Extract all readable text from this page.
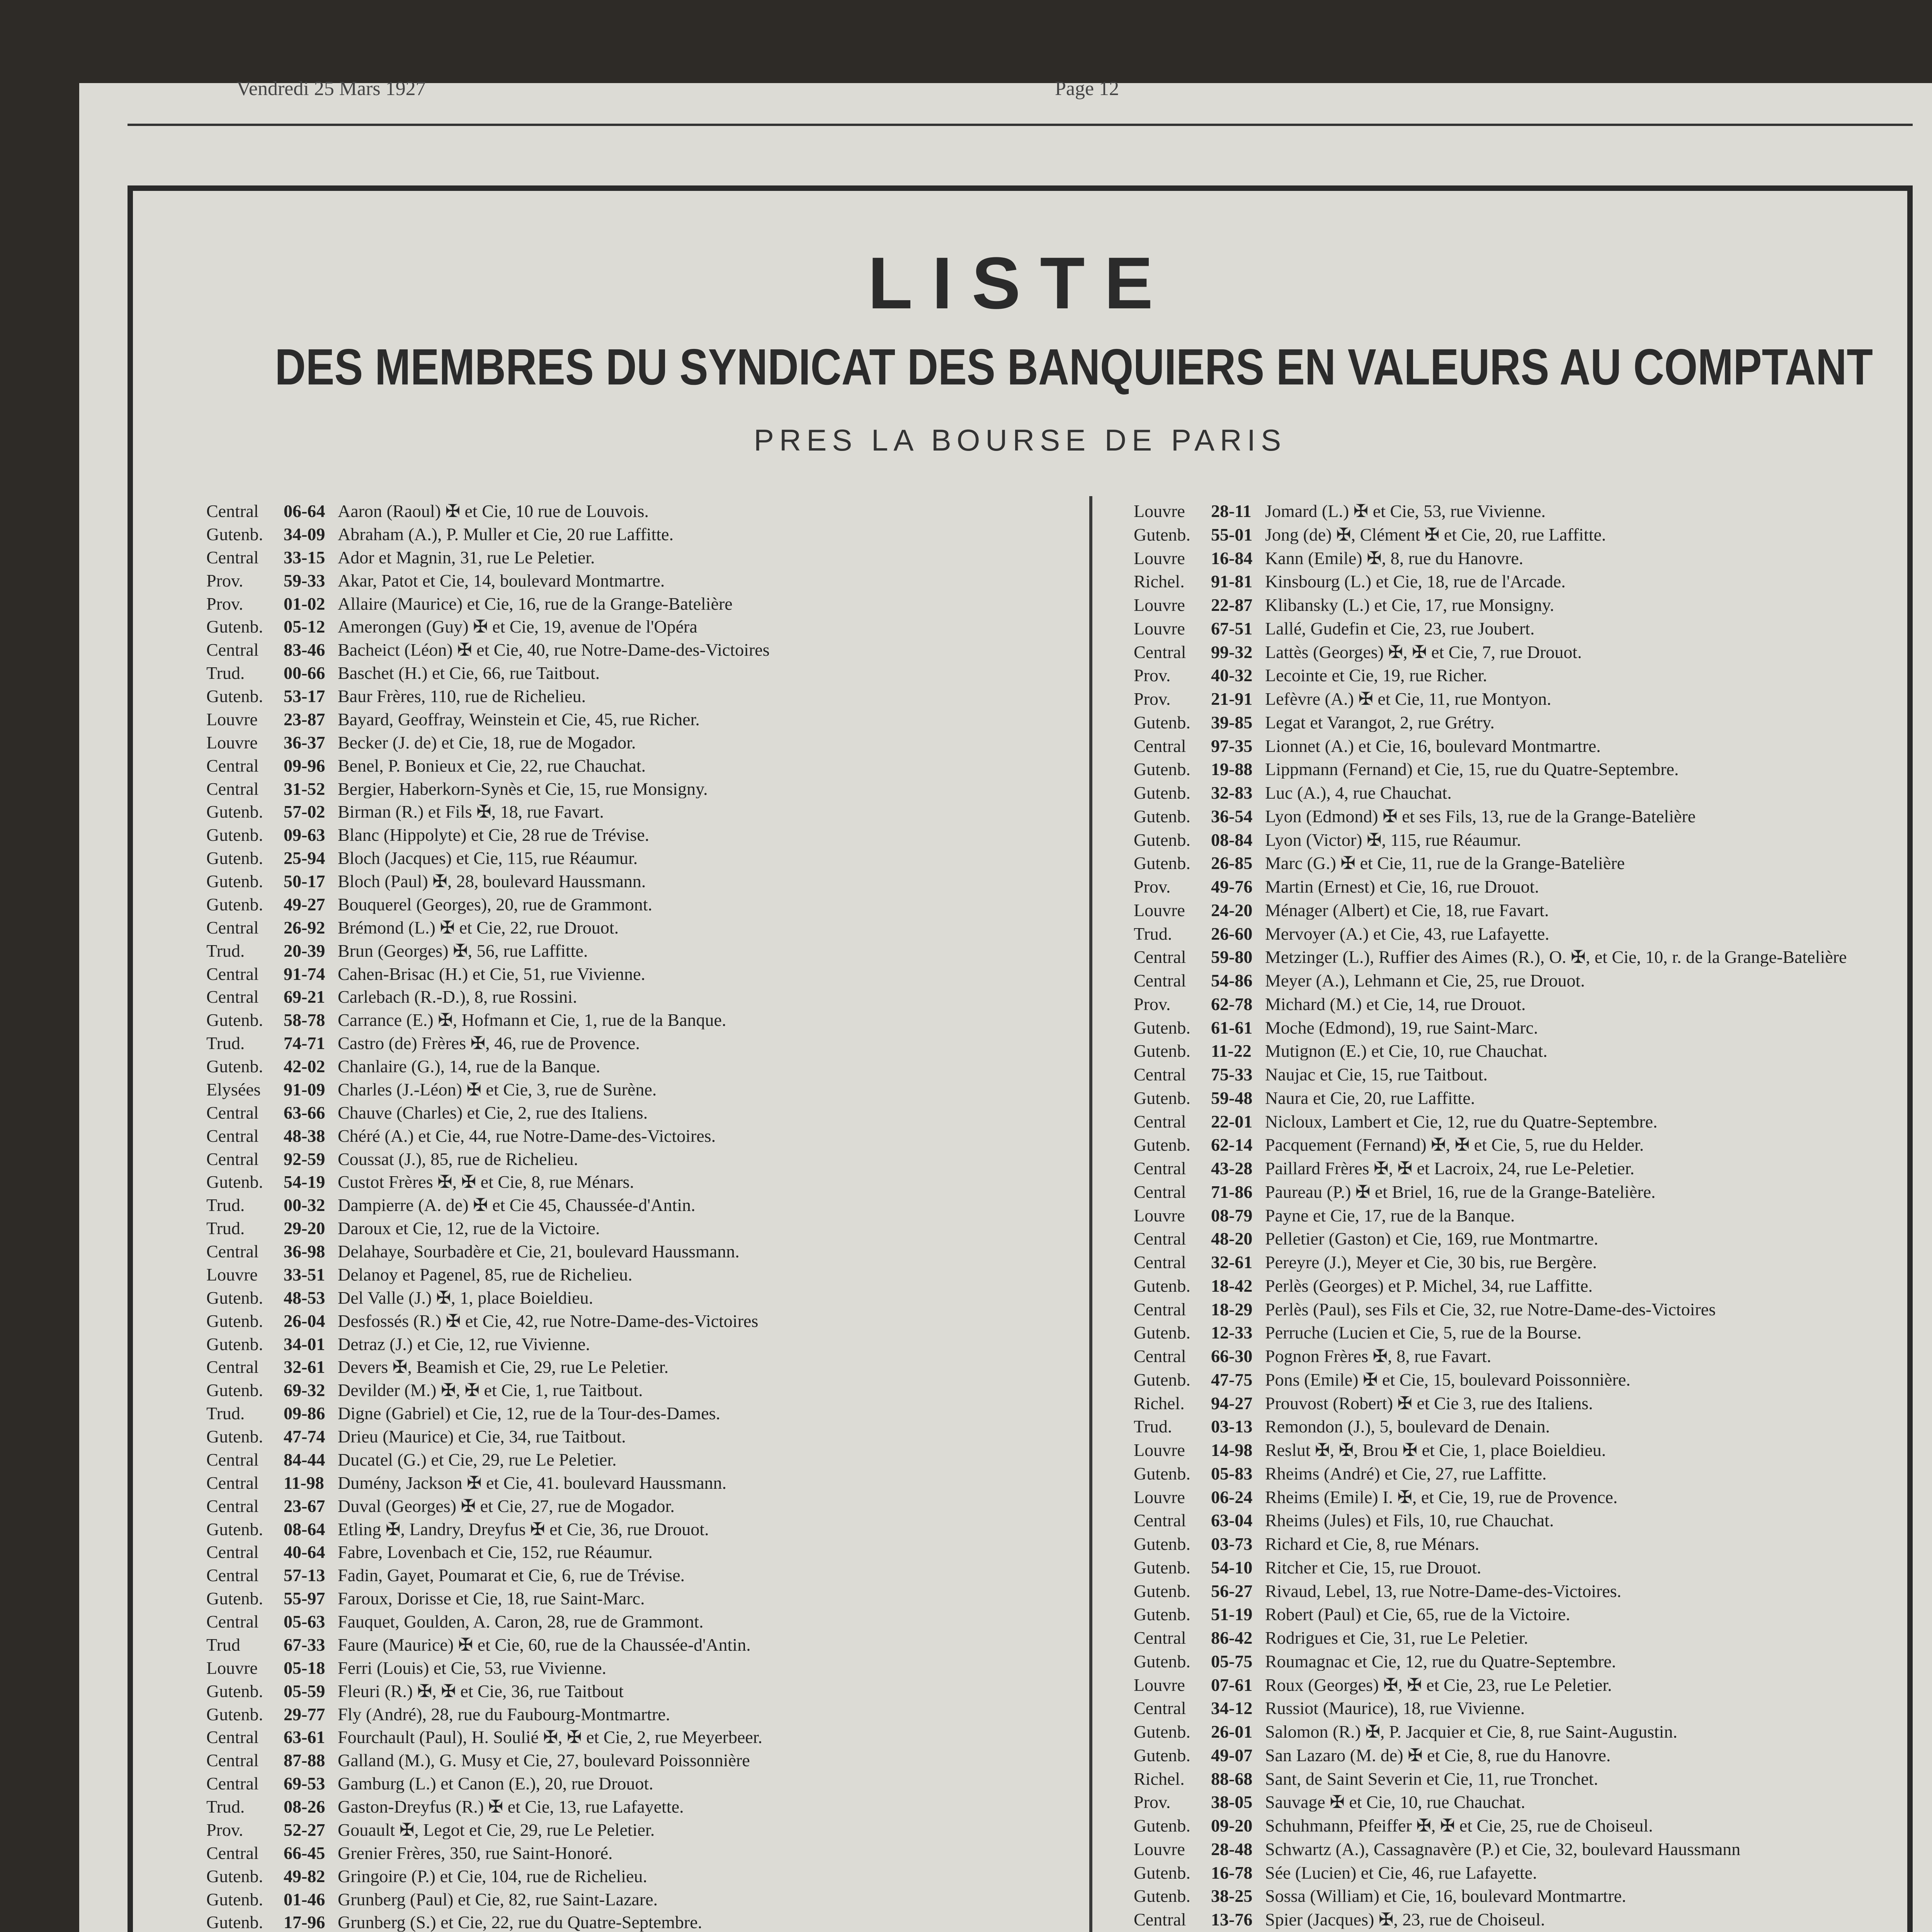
Vendredi 25 Mars 1927	Page 12
LISTE
DES MEMBRES DU SYNDICAT DES BANQUIERS EN VALEURS AU COMPTANT
PRES LA BOURSE DE PARIS
Central	06-64 Aaron (Raoul) ✠ et Cie, 10 rue de Louvois.
Gutenb.	34-09 Abraham (A.), P. Muller et Cie, 20 rue Laffitte.
Central	33-15 Ador et Magnin, 31, rue Le Peletier.
Prov.	59-33 Akar, Patot et Cie, 14, boulevard Montmartre.
Prov.	01-02 Allaire (Maurice) et Cie, 16, rue de la Grange-Batelière
Gutenb.	05-12 Amerongen (Guy) ✠ et Cie, 19, avenue de l'Opéra
Central	83-46 Bacheict (Léon) ✠ et Cie, 40, rue Notre-Dame-des-Victoires
Trud.	00-66 Baschet (H.) et Cie, 66, rue Taitbout.
Gutenb.	53-17 Baur Frères, 110, rue de Richelieu.
Louvre	23-87 Bayard, Geoffray, Weinstein et Cie, 45, rue Richer.
Louvre	36-37 Becker (J. de) et Cie, 18, rue de Mogador.
Central	09-96 Benel, P. Bonieux et Cie, 22, rue Chauchat.
Central	31-52 Bergier, Haberkorn-Synès et Cie, 15, rue Monsigny.
Gutenb.	57-02 Birman (R.) et Fils ✠, 18, rue Favart.
Gutenb.	09-63 Blanc (Hippolyte) et Cie, 28 rue de Trévise.
Gutenb.	25-94 Bloch (Jacques) et Cie, 115, rue Réaumur.
Gutenb.	50-17 Bloch (Paul) ✠, 28, boulevard Haussmann.
Gutenb.	49-27 Bouquerel (Georges), 20, rue de Grammont.
Central	26-92 Brémond (L.) ✠ et Cie, 22, rue Drouot.
Trud.	20-39 Brun (Georges) ✠, 56, rue Laffitte.
Central	91-74 Cahen-Brisac (H.) et Cie, 51, rue Vivienne.
Central	69-21 Carlebach (R.-D.), 8, rue Rossini.
Gutenb.	58-78 Carrance (E.) ✠, Hofmann et Cie, 1, rue de la Banque.
Trud.	74-71 Castro (de) Frères ✠, 46, rue de Provence.
Gutenb.	42-02 Chanlaire (G.), 14, rue de la Banque.
Elysées	91-09 Charles (J.-Léon) ✠ et Cie, 3, rue de Surène.
Central	63-66 Chauve (Charles) et Cie, 2, rue des Italiens.
Central	48-38 Chéré (A.) et Cie, 44, rue Notre-Dame-des-Victoires.
Central	92-59 Coussat (J.), 85, rue de Richelieu.
Gutenb.	54-19 Custot Frères ✠, ✠ et Cie, 8, rue Ménars.
Trud.	00-32 Dampierre (A. de) ✠ et Cie 45, Chaussée-d'Antin.
Trud.	29-20 Daroux et Cie, 12, rue de la Victoire.
Central	36-98 Delahaye, Sourbadère et Cie, 21, boulevard Haussmann.
Louvre	33-51 Delanoy et Pagenel, 85, rue de Richelieu.
Gutenb.	48-53 Del Valle (J.) ✠, 1, place Boieldieu.
Gutenb.	26-04 Desfossés (R.) ✠ et Cie, 42, rue Notre-Dame-des-Victoires
Gutenb.	34-01 Detraz (J.) et Cie, 12, rue Vivienne.
Central	32-61 Devers ✠, Beamish et Cie, 29, rue Le Peletier.
Gutenb.	69-32 Devilder (M.) ✠, ✠ et Cie, 1, rue Taitbout.
Trud.	09-86 Digne (Gabriel) et Cie, 12, rue de la Tour-des-Dames.
Gutenb.	47-74 Drieu (Maurice) et Cie, 34, rue Taitbout.
Central	84-44 Ducatel (G.) et Cie, 29, rue Le Peletier.
Central	11-98 Duménу, Jackson ✠ et Cie, 41. boulevard Haussmann.
Central	23-67 Duval (Georges) ✠ et Cie, 27, rue de Mogador.
Gutenb.	08-64 Etling ✠, Landry, Dreyfus ✠ et Cie, 36, rue Drouot.
Central	40-64 Fabre, Lovenbach et Cie, 152, rue Réaumur.
Central	57-13 Fadin, Gayet, Poumarat et Cie, 6, rue de Trévise.
Gutenb.	55-97 Faroux, Dorisse et Cie, 18, rue Saint-Marc.
Central	05-63 Fauquet, Goulden, A. Caron, 28, rue de Grammont.
Trud	67-33 Faure (Maurice) ✠ et Cie, 60, rue de la Chaussée-d'Antin.
Louvre	05-18 Ferri (Louis) et Cie, 53, rue Vivienne.
Gutenb.	05-59 Fleuri (R.) ✠, ✠ et Cie, 36, rue Taitbout
Gutenb.	29-77 Fly (André), 28, rue du Faubourg-Montmartre.
Central	63-61 Fourchault (Paul), H. Soulié ✠, ✠ et Cie, 2, rue Meyerbeer.
Central	87-88 Galland (M.), G. Musy et Cie, 27, boulevard Poissonnière
Central	69-53 Gamburg (L.) et Canon (E.), 20, rue Drouot.
Trud.	08-26 Gaston-Dreyfus (R.) ✠ et Cie, 13, rue Lafayette.
Prov.	52-27 Gouault ✠, Legot et Cie, 29, rue Le Peletier.
Central	66-45 Grenier Frères, 350, rue Saint-Honoré.
Gutenb.	49-82 Gringoire (P.) et Cie, 104, rue de Richelieu.
Gutenb.	01-46 Grunberg (Paul) et Cie, 82, rue Saint-Lazare.
Gutenb.	17-96 Grunberg (S.) et Cie, 22, rue du Quatre-Septembre.
Louvre	28-11 Jomard (L.) ✠ et Cie, 53, rue Vivienne.
Gutenb.	55-01 Jong (de) ✠, Clément ✠ et Cie, 20, rue Laffitte.
Louvre	16-84 Kann (Emile) ✠, 8, rue du Hanovre.
Richel.	91-81 Kinsbourg (L.) et Cie, 18, rue de l'Arcade.
Louvre	22-87 Klibansky (L.) et Cie, 17, rue Monsigny.
Louvre	67-51 Lallé, Gudefin et Cie, 23, rue Joubert.
Central	99-32 Lattès (Georges) ✠, ✠ et Cie, 7, rue Drouot.
Prov.	40-32 Lecointe et Cie, 19, rue Richer.
Prov.	21-91 Lefèvre (A.) ✠ et Cie, 11, rue Montyon.
Gutenb.	39-85 Legat et Varangot, 2, rue Grétry.
Central	97-35 Lionnet (A.) et Cie, 16, boulevard Montmartre.
Gutenb.	19-88 Lippmann (Fernand) et Cie, 15, rue du Quatre-Septembre.
Gutenb.	32-83 Luc (A.), 4, rue Chauchat.
Gutenb.	36-54 Lyon (Edmond) ✠ et ses Fils, 13, rue de la Grange-Batelière
Gutenb.	08-84 Lyon (Victor) ✠, 115, rue Réaumur.
Gutenb.	26-85 Marc (G.) ✠ et Cie, 11, rue de la Grange-Batelière
Prov.	49-76 Martin (Ernest) et Cie, 16, rue Drouot.
Louvre	24-20 Ménager (Albert) et Cie, 18, rue Favart.
Trud.	26-60 Mervoyer (A.) et Cie, 43, rue Lafayette.
Central	59-80 Metzinger (L.), Ruffier des Aimes (R.), O. ✠, et Cie, 10, r. de la Grange-Batelière
Central	54-86 Meyer (A.), Lehmann et Cie, 25, rue Drouot.
Prov.	62-78 Michard (M.) et Cie, 14, rue Drouot.
Gutenb.	61-61 Moche (Edmond), 19, rue Saint-Marc.
Gutenb.	11-22 Mutignon (E.) et Cie, 10, rue Chauchat.
Central	75-33 Naujac et Cie, 15, rue Taitbout.
Gutenb.	59-48 Naura et Cie, 20, rue Laffitte.
Central	22-01 Nicloux, Lambert et Cie, 12, rue du Quatre-Septembre.
Gutenb.	62-14 Pacquement (Fernand) ✠, ✠ et Cie, 5, rue du Helder.
Central	43-28 Paillard Frères ✠, ✠ et Lacroix, 24, rue Le-Peletier.
Central	71-86 Paureau (P.) ✠ et Briel, 16, rue de la Grange-Batelière.
Louvre	08-79 Payne et Cie, 17, rue de la Banque.
Central	48-20 Pelletier (Gaston) et Cie, 169, rue Montmartre.
Central	32-61 Pereyre (J.), Meyer et Cie, 30 bis, rue Bergère.
Gutenb.	18-42 Perlès (Georges) et P. Michel, 34, rue Laffitte.
Central	18-29 Perlès (Paul), ses Fils et Cie, 32, rue Notre-Dame-des-Victoires
Gutenb.	12-33 Perruche (Lucien et Cie, 5, rue de la Bourse.
Central	66-30 Pognon Frères ✠, 8, rue Favart.
Gutenb.	47-75 Pons (Emile) ✠ et Cie, 15, boulevard Poissonnière.
Richel.	94-27 Prouvost (Robert) ✠ et Cie 3, rue des Italiens.
Trud.	03-13 Remondon (J.), 5, boulevard de Denain.
Louvre	14-98 Reslut ✠, ✠, Brou ✠ et Cie, 1, place Boieldieu.
Gutenb.	05-83 Rheims (André) et Cie, 27, rue Laffitte.
Louvre	06-24 Rheims (Emile) I. ✠, et Cie, 19, rue de Provence.
Central	63-04 Rheims (Jules) et Fils, 10, rue Chauchat.
Gutenb.	03-73 Richard et Cie, 8, rue Ménars.
Gutenb.	54-10 Ritcher et Cie, 15, rue Drouot.
Gutenb.	56-27 Rivaud, Lebel, 13, rue Notre-Dame-des-Victoires.
Gutenb.	51-19 Robert (Paul) et Cie, 65, rue de la Victoire.
Central	86-42 Rodrigues et Cie, 31, rue Le Peletier.
Gutenb.	05-75 Roumagnac et Cie, 12, rue du Quatre-Septembre.
Louvre	07-61 Roux (Georges) ✠, ✠ et Cie, 23, rue Le Peletier.
Central	34-12 Russiot (Maurice), 18, rue Vivienne.
Gutenb.	26-01 Salomon (R.) ✠, P. Jacquier et Cie, 8, rue Saint-Augustin.
Gutenb.	49-07 San Lazaro (M. de) ✠ et Cie, 8, rue du Hanovre.
Richel.	88-68 Sant, de Saint Severin et Cie, 11, rue Tronchet.
Prov.	38-05 Sauvage ✠ et Cie, 10, rue Chauchat.
Gutenb.	09-20 Schuhmann, Pfeiffer ✠, ✠ et Cie, 25, rue de Choiseul.
Louvre	28-48 Schwartz (A.), Cassagnavère (P.) et Cie, 32, boulevard Haussmann
Gutenb.	16-78 Sée (Lucien) et Cie, 46, rue Lafayette.
Gutenb.	38-25 Sossa (William) et Cie, 16, boulevard Montmartre.
Central	13-76 Spier (Jacques) ✠, 23, rue de Choiseul.
